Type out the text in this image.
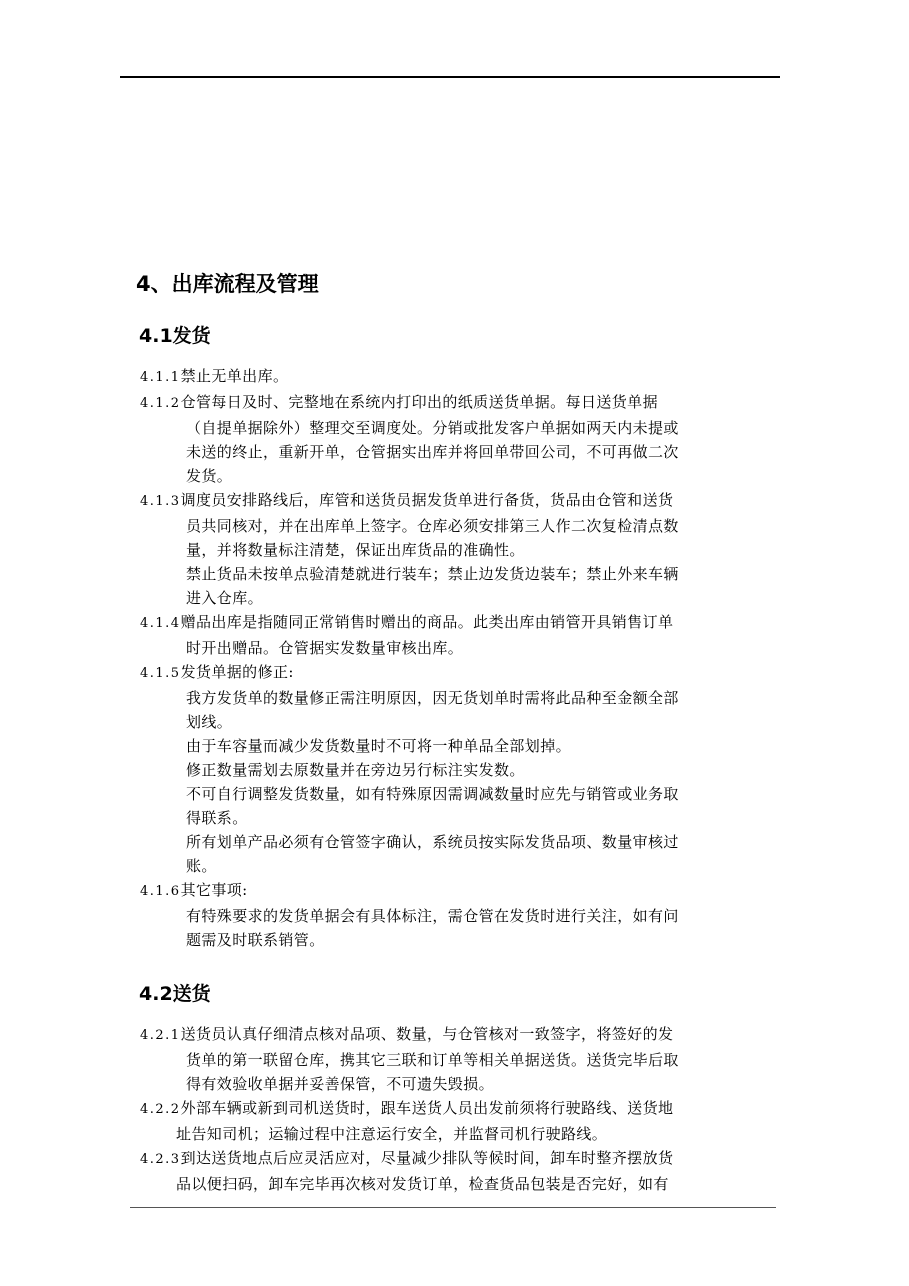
4、出库流程及管理
4.1发货

4.1.1禁止无单出库。

4.1.2仓管每日及时、完整地在系统内打印出的纸质送货单据。每日送货单据

（自提单据除外）整理交至调度处。分销或批发客户单据如两天内未提或

未送的终止，重新开单，仓管据实出库并将回单带回公司，不可再做二次

发货。

4.1.3调度员安排路线后，库管和送货员据发货单进行备货，货品由仓管和送货

员共同核对，并在出库单上签字。仓库必须安排第三人作二次复检清点数

量，并将数量标注清楚，保证出库货品的准确性。

禁止货品未按单点验清楚就进行装车；禁止边发货边装车；禁止外来车辆

进入仓库。

4.1.4赠品出库是指随同正常销售时赠出的商品。此类出库由销管开具销售订单

时开出赠品。仓管据实发数量审核出库。

4.1.5发货单据的修正:

我方发货单的数量修正需注明原因，因无货划单时需将此品种至金额全部

划线。

由于车容量而减少发货数量时不可将一种单品全部划掉。

修正数量需划去原数量并在旁边另行标注实发数。

不可自行调整发货数量，如有特殊原因需调减数量时应先与销管或业务取

得联系。

所有划单产品必须有仓管签字确认，系统员按实际发货品项、数量审核过

账。

4.1.6其它事项:

有特殊要求的发货单据会有具体标注，需仓管在发货时进行关注，如有问

题需及时联系销管。

4.2送货

4.2.1送货员认真仔细清点核对品项、数量，与仓管核对一致签字，将签好的发

货单的第一联留仓库，携其它三联和订单等相关单据送货。送货完毕后取

得有效验收单据并妥善保管，不可遗失毁损。

4.2.2外部车辆或新到司机送货时，跟车送货人员出发前须将行驶路线、送货地

址告知司机；运输过程中注意运行安全，并监督司机行驶路线。

4.2.3到达送货地点后应灵活应对，尽量减少排队等候时间，卸车时整齐摆放货

品以便扫码，卸车完毕再次核对发货订单，检查货品包装是否完好，如有
